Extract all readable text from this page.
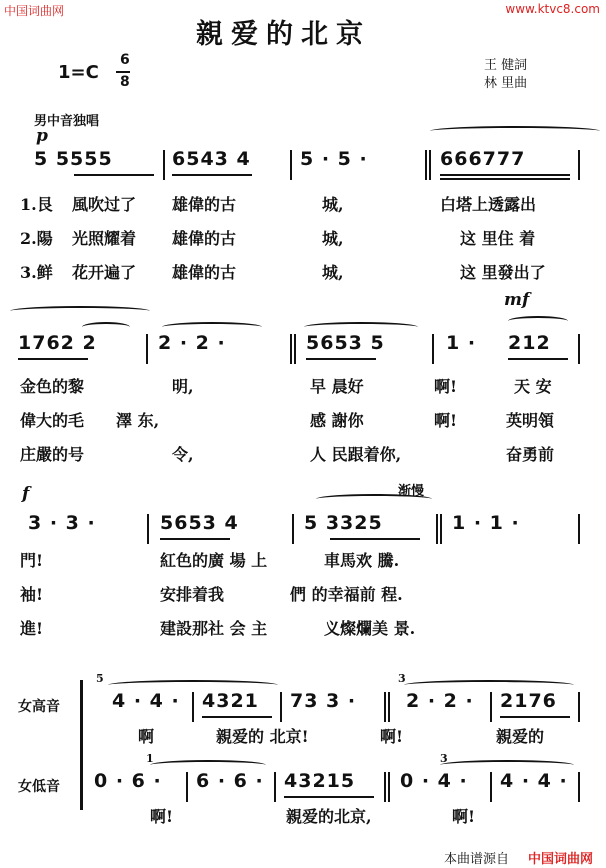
中国词曲网	www.ktvc8.com
親爱的北京
1=C
6
8
王 健詞
林 里曲
男中音独唱
p
5 5555	6543 4	5 · 5 ·	666777
1.艮 風吹过了 雄偉的古	城,	白塔上透露出
2.陽 光照耀着 雄偉的古	城,	这 里住 着
3.鲜 花开遍了 雄偉的古	城,	这 里發出了
mf
1762 2	2 · 2 ·	5653 5	1 · 212
金色的黎	明,	早 晨好	啊!	天 安
偉大的毛 澤 东,	感 謝你	啊!	英明領
庄嚴的号	令,	人 民跟着你,	奋勇前
f	渐慢
3 · 3 ·	5653 4	5 3325	1 · 1 ·
門!	紅色的廣 場 上	車馬欢 騰.
袖!	安排着我	們 的幸福前 程.
進!	建設那社 会 主	义燦爛美 景.
女高音
女低音
5	3
4 · 4 · 4321 73 3 ·	2 · 2 · 2176
啊	親爱的 北京!	啊!	親爱的
1	3
0 · 6 · 6 · 6 · 43215 0 · 4 · 4 · 4 ·
啊!	親爱的北京,	啊!
本曲谱源自 中国词曲网
